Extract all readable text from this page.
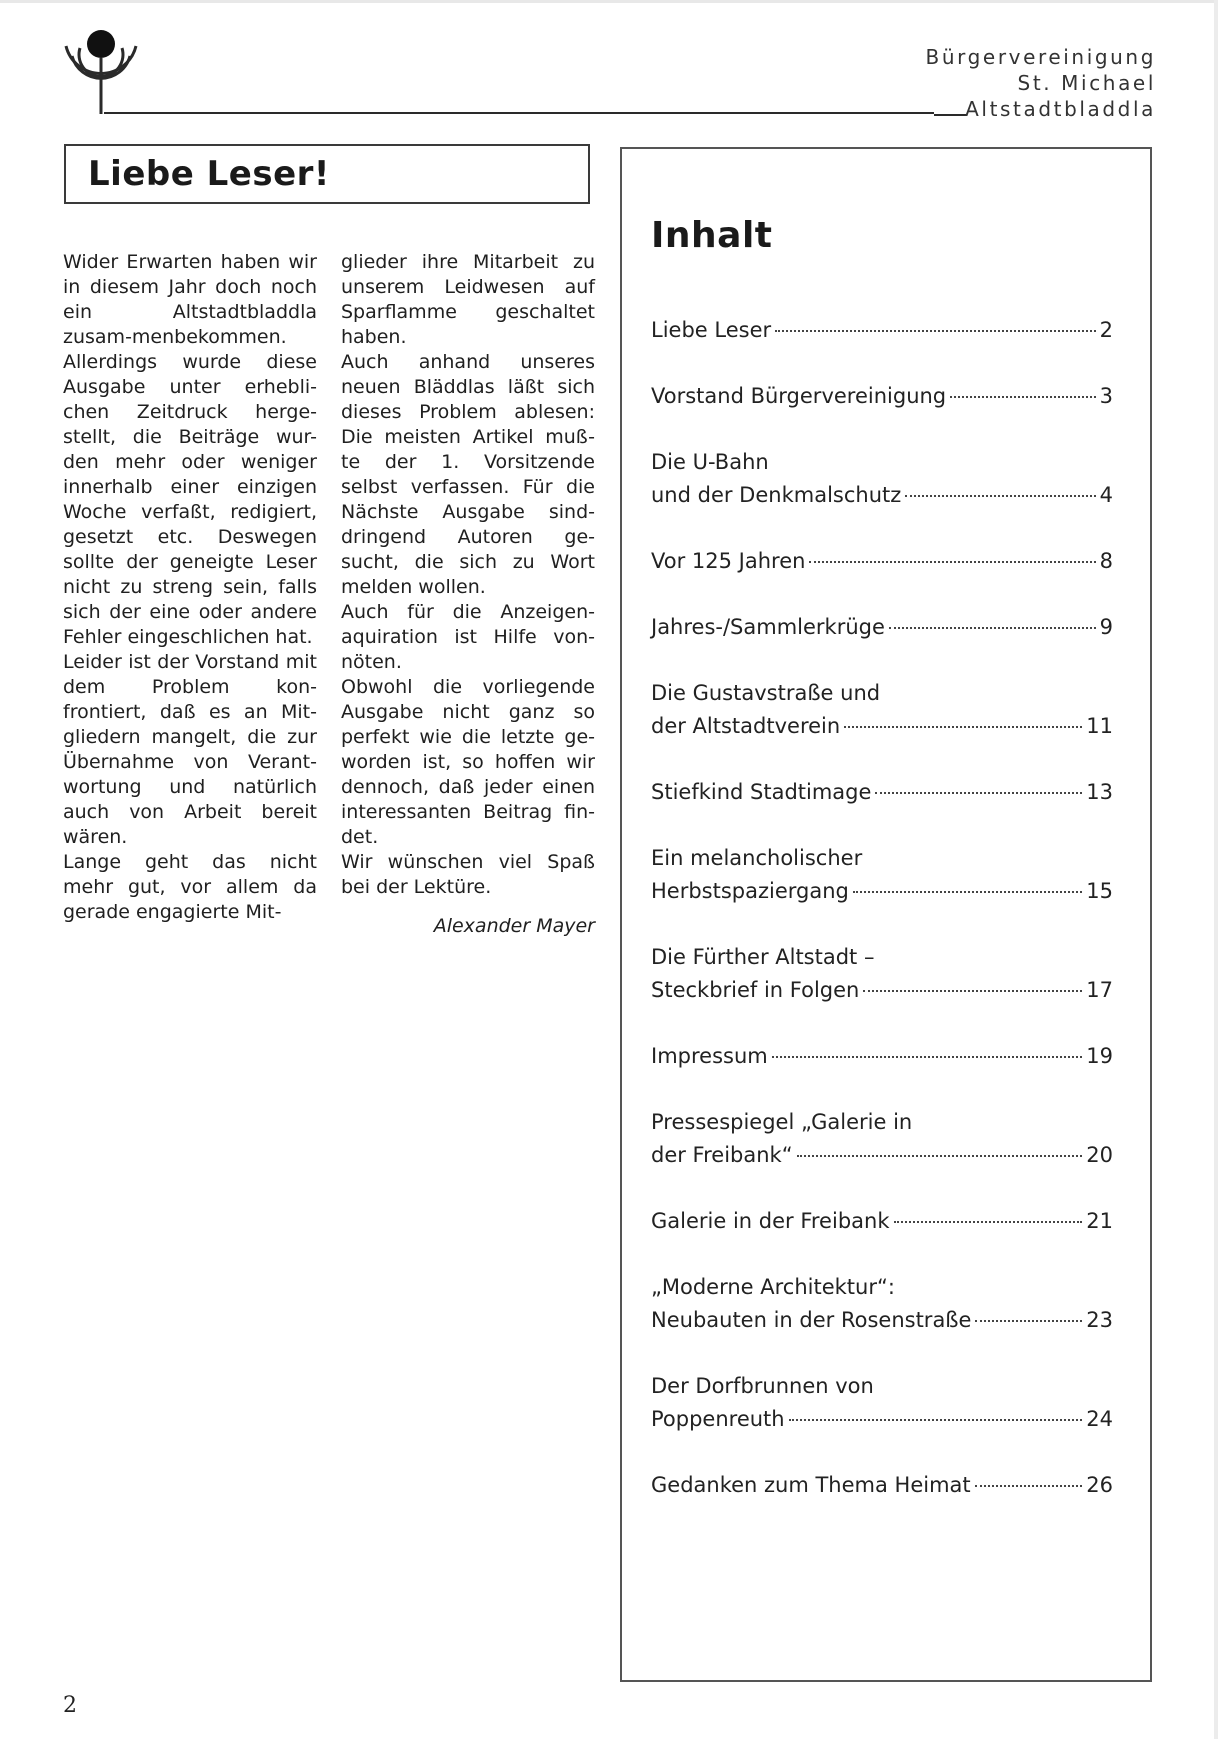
Bürgervereinigung
St. Michael
Altstadtbladdla
Liebe Leser!

Wider Erwarten haben wir in diesem Jahr doch noch ein Altstadtbladdla zusam-menbekommen.

Allerdings wurde diese Ausgabe unter erhebli-chen Zeitdruck herge-stellt, die Beiträge wur-den mehr oder weniger innerhalb einer einzigen Woche verfaßt, redigiert, gesetzt etc. Deswegen sollte der geneigte Leser nicht zu streng sein, falls sich der eine oder andere Fehler eingeschlichen hat.

Leider ist der Vorstand mit dem Problem kon-frontiert, daß es an Mit-gliedern mangelt, die zur Übernahme von Verant-wortung und natürlich auch von Arbeit bereit wären.

Lange geht das nicht mehr gut, vor allem da gerade engagierte Mit-

glieder ihre Mitarbeit zu unserem Leidwesen auf Sparflamme geschaltet haben.

Auch anhand unseres neuen Bläddlas läßt sich dieses Problem ablesen: Die meisten Artikel muß-te der 1. Vorsitzende selbst verfassen. Für die Nächste Ausgabe sind-dringend Autoren ge-sucht, die sich zu Wort melden wollen.

Auch für die Anzeigen-aquiration ist Hilfe von-nöten.

Obwohl die vorliegende Ausgabe nicht ganz so perfekt wie die letzte ge-worden ist, so hoffen wir dennoch, daß jeder einen interessanten Beitrag fin-det.

Wir wünschen viel Spaß bei der Lektüre.

Alexander Mayer

Inhalt
Liebe Leser	2
Vorstand Bürgervereinigung	3
Die U-Bahn
und der Denkmalschutz	4
Vor 125 Jahren	8
Jahres-/Sammlerkrüge	9
Die Gustavstraße und
der Altstadtverein	11
Stiefkind Stadtimage	13
Ein melancholischer
Herbstspaziergang	15
Die Fürther Altstadt –
Steckbrief in Folgen	17
Impressum	19
Pressespiegel „Galerie in
der Freibank“	20
Galerie in der Freibank	21
„Moderne Architektur“:
Neubauten in der Rosenstraße	23
Der Dorfbrunnen von
Poppenreuth	24
Gedanken zum Thema Heimat	26
2
